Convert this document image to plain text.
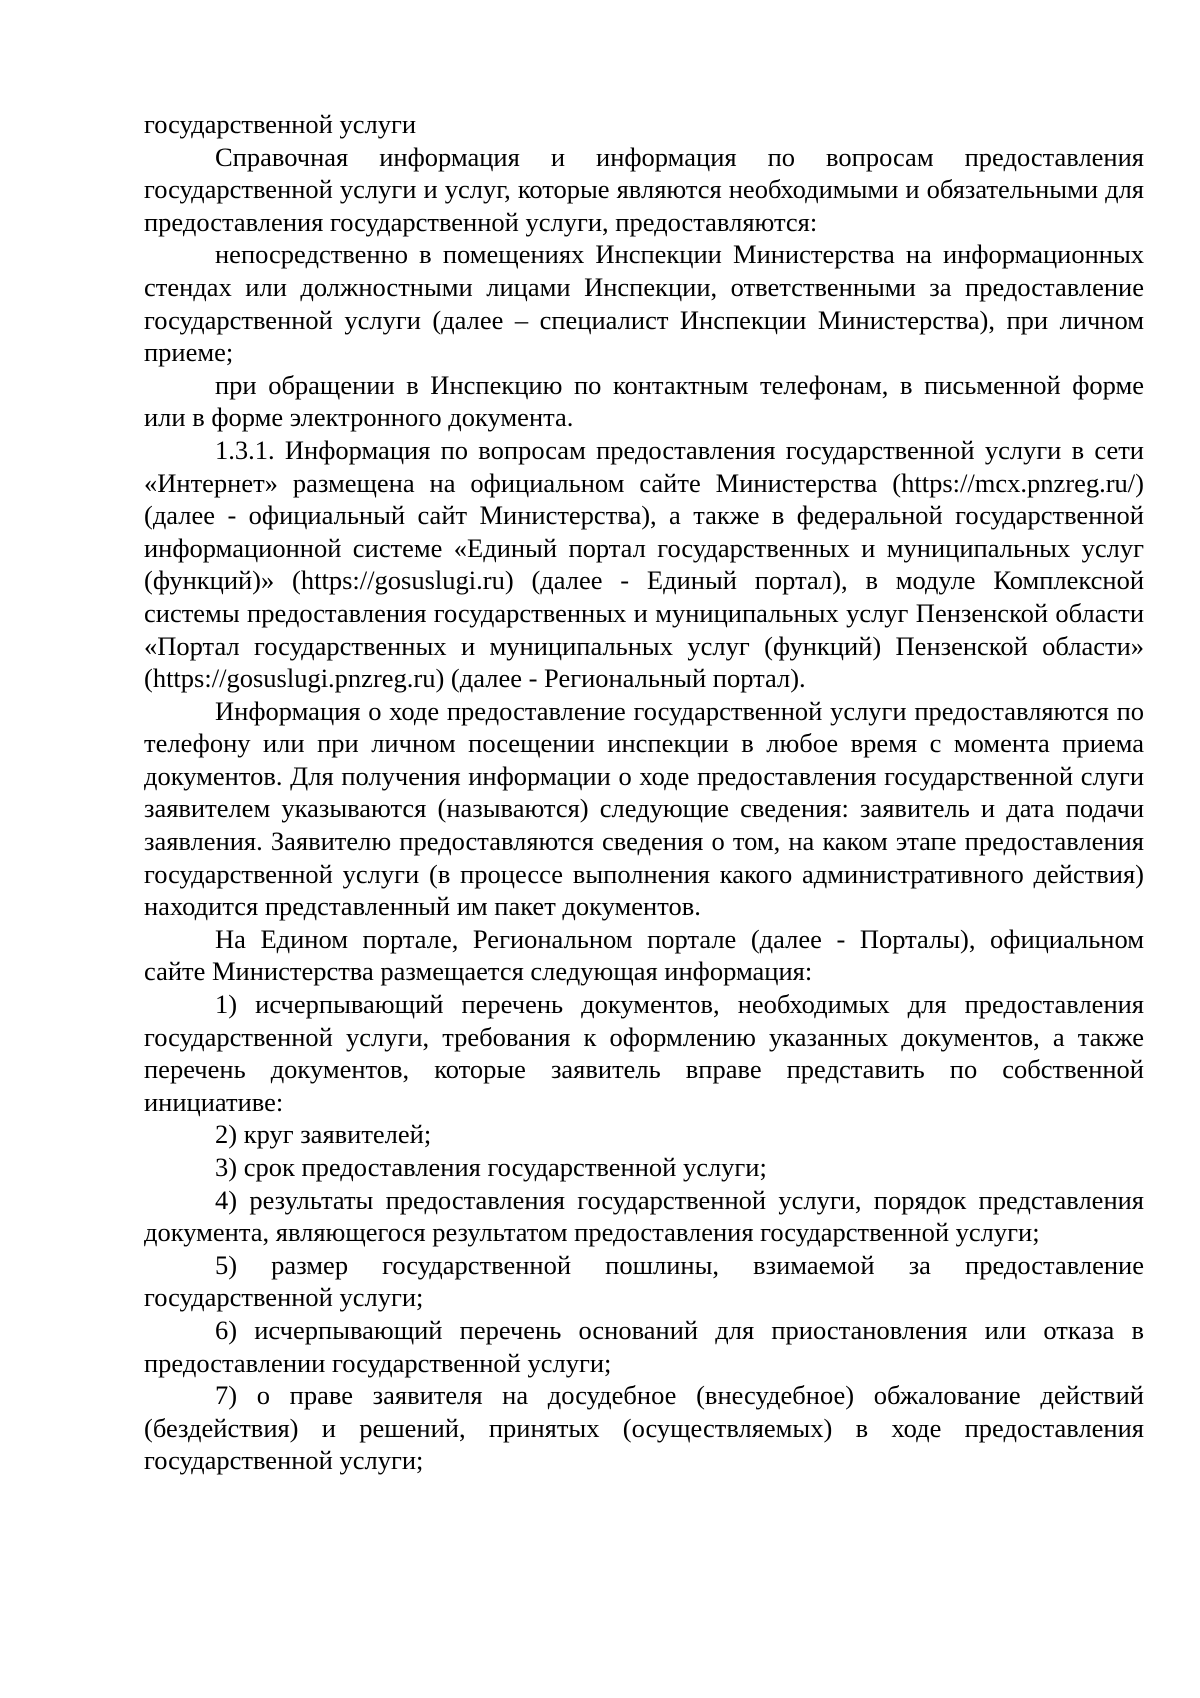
государственной услуги

Справочная информация и информация по вопросам предоставления государственной услуги и услуг, которые являются необходимыми и обязательными для предоставления государственной услуги, предоставляются:

непосредственно в помещениях Инспекции Министерства на информационных стендах или должностными лицами Инспекции, ответственными за предоставление государственной услуги (далее – специалист Инспекции Министерства), при личном приеме;

при обращении в Инспекцию по контактным телефонам, в письменной форме или в форме электронного документа.

1.3.1. Информация по вопросам предоставления государственной услуги в сети «Интернет» размещена на официальном сайте Министерства (https://mcx.pnzreg.ru/) (далее - официальный сайт Министерства), а также в федеральной государственной информационной системе «Единый портал государственных и муниципальных услуг (функций)» (https://gosuslugi.ru) (далее - Единый портал), в модуле Комплексной системы предоставления государственных и муниципальных услуг Пензенской области «Портал государственных и муниципальных услуг (функций) Пензенской области» (https://gosuslugi.pnzreg.ru) (далее - Региональный портал).

Информация о ходе предоставление государственной услуги предоставляются по телефону или при личном посещении инспекции в любое время с момента приема документов. Для получения информации о ходе предоставления государственной слуги заявителем указываются (называются) следующие сведения: заявитель и дата подачи заявления. Заявителю предоставляются сведения о том, на каком этапе предоставления государственной услуги (в процессе выполнения какого административного действия) находится представленный им пакет документов.

На Едином портале, Региональном портале (далее - Порталы), официальном сайте Министерства размещается следующая информация:

1) исчерпывающий перечень документов, необходимых для предоставления государственной услуги, требования к оформлению указанных документов, а также перечень документов, которые заявитель вправе представить по собственной инициативе:

2) круг заявителей;

3) срок предоставления государственной услуги;

4) результаты предоставления государственной услуги, порядок представления документа, являющегося результатом предоставления государственной услуги;

5) размер государственной пошлины, взимаемой за предоставление государственной услуги;

6) исчерпывающий перечень оснований для приостановления или отказа в предоставлении государственной услуги;

7) о праве заявителя на досудебное (внесудебное) обжалование действий (бездействия) и решений, принятых (осуществляемых) в ходе предоставления государственной услуги;
